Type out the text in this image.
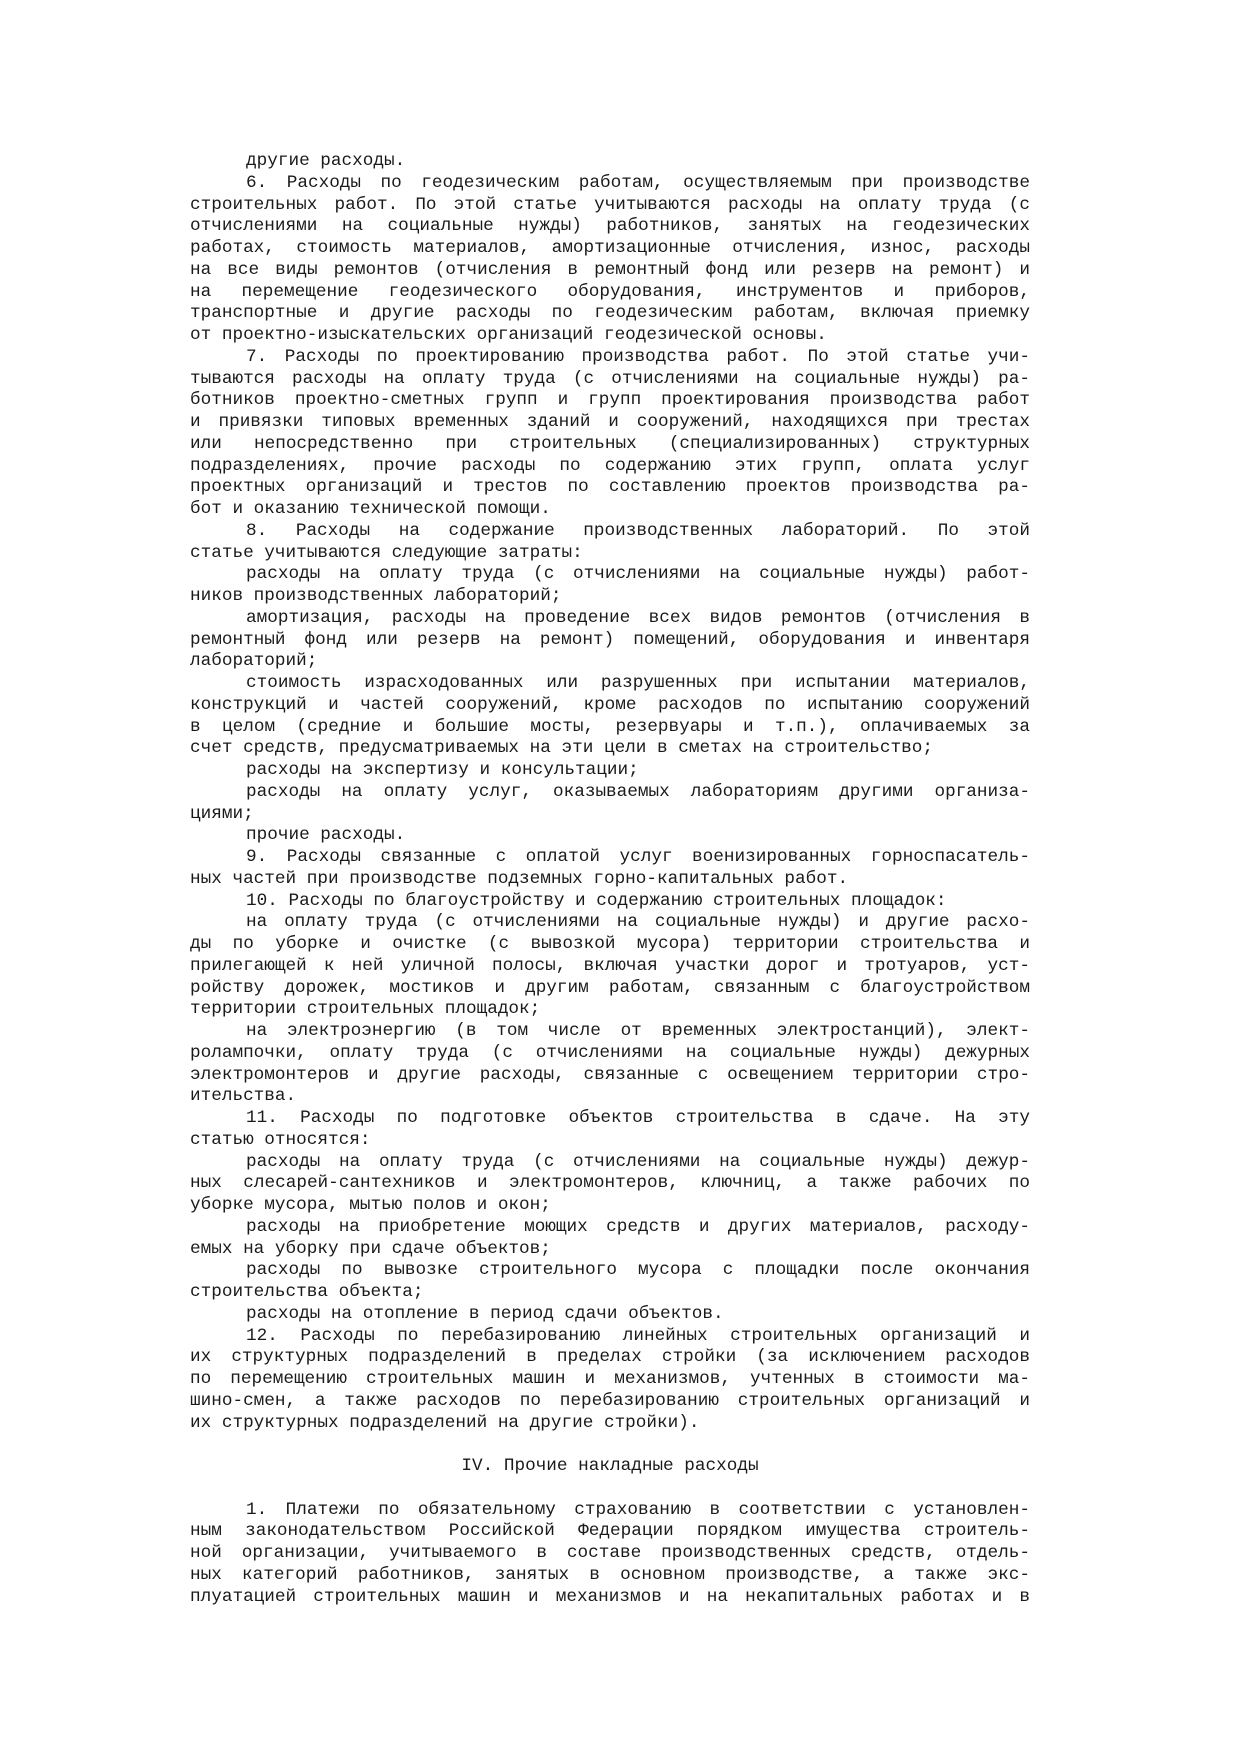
другие расходы.
6. Расходы по геодезическим работам, осуществляемым при производстве
строительных работ. По этой статье учитываются расходы на оплату труда (с
отчислениями на социальные нужды) работников, занятых на геодезических
работах, стоимость материалов, амортизационные отчисления, износ, расходы
на все виды ремонтов (отчисления в ремонтный фонд или резерв на ремонт) и
на перемещение геодезического оборудования, инструментов и приборов,
транспортные и другие расходы по геодезическим работам, включая приемку
от проектно-изыскательских организаций геодезической основы.
7. Расходы по проектированию производства работ. По этой статье учи-
тываются расходы на оплату труда (с отчислениями на социальные нужды) ра-
ботников проектно-сметных групп и групп проектирования производства работ
и привязки типовых временных зданий и сооружений, находящихся при трестах
или непосредственно при строительных (специализированных) структурных
подразделениях, прочие расходы по содержанию этих групп, оплата услуг
проектных организаций и трестов по составлению проектов производства ра-
бот и оказанию технической помощи.
8. Расходы на содержание производственных лабораторий. По этой
статье учитываются следующие затраты:
расходы на оплату труда (с отчислениями на социальные нужды) работ-
ников производственных лабораторий;
амортизация, расходы на проведение всех видов ремонтов (отчисления в
ремонтный фонд или резерв на ремонт) помещений, оборудования и инвентаря
лабораторий;
стоимость израсходованных или разрушенных при испытании материалов,
конструкций и частей сооружений, кроме расходов по испытанию сооружений
в целом (средние и большие мосты, резервуары и т.п.), оплачиваемых за
счет средств, предусматриваемых на эти цели в сметах на строительство;
расходы на экспертизу и консультации;
расходы на оплату услуг, оказываемых лабораториям другими организа-
циями;
прочие расходы.
9. Расходы связанные с оплатой услуг военизированных горноспасатель-
ных частей при производстве подземных горно-капитальных работ.
10. Расходы по благоустройству и содержанию строительных площадок:
на оплату труда (с отчислениями на социальные нужды) и другие расхо-
ды по уборке и очистке (с вывозкой мусора) территории строительства и
прилегающей к ней уличной полосы, включая участки дорог и тротуаров, уст-
ройству дорожек, мостиков и другим работам, связанным с благоустройством
территории строительных площадок;
на электроэнергию (в том числе от временных электростанций), элект-
ролампочки, оплату труда (с отчислениями на социальные нужды) дежурных
электромонтеров и другие расходы, связанные с освещением территории стро-
ительства.
11. Расходы по подготовке объектов строительства в сдаче. На эту
статью относятся:
расходы на оплату труда (с отчислениями на социальные нужды) дежур-
ных слесарей-сантехников и электромонтеров, ключниц, а также рабочих по
уборке мусора, мытью полов и окон;
расходы на приобретение моющих средств и других материалов, расходу-
емых на уборку при сдаче объектов;
расходы по вывозке строительного мусора с площадки после окончания
строительства объекта;
расходы на отопление в период сдачи объектов.
12. Расходы по перебазированию линейных строительных организаций и
их структурных подразделений в пределах стройки (за исключением расходов
по перемещению строительных машин и механизмов, учтенных в стоимости ма-
шино-смен, а также расходов по перебазированию строительных организаций и
их структурных подразделений на другие стройки).
IV. Прочие накладные расходы
1. Платежи по обязательному страхованию в соответствии с установлен-
ным законодательством Российской Федерации порядком имущества строитель-
ной организации, учитываемого в составе производственных средств, отдель-
ных категорий работников, занятых в основном производстве, а также экс-
плуатацией строительных машин и механизмов и на некапитальных работах и в
